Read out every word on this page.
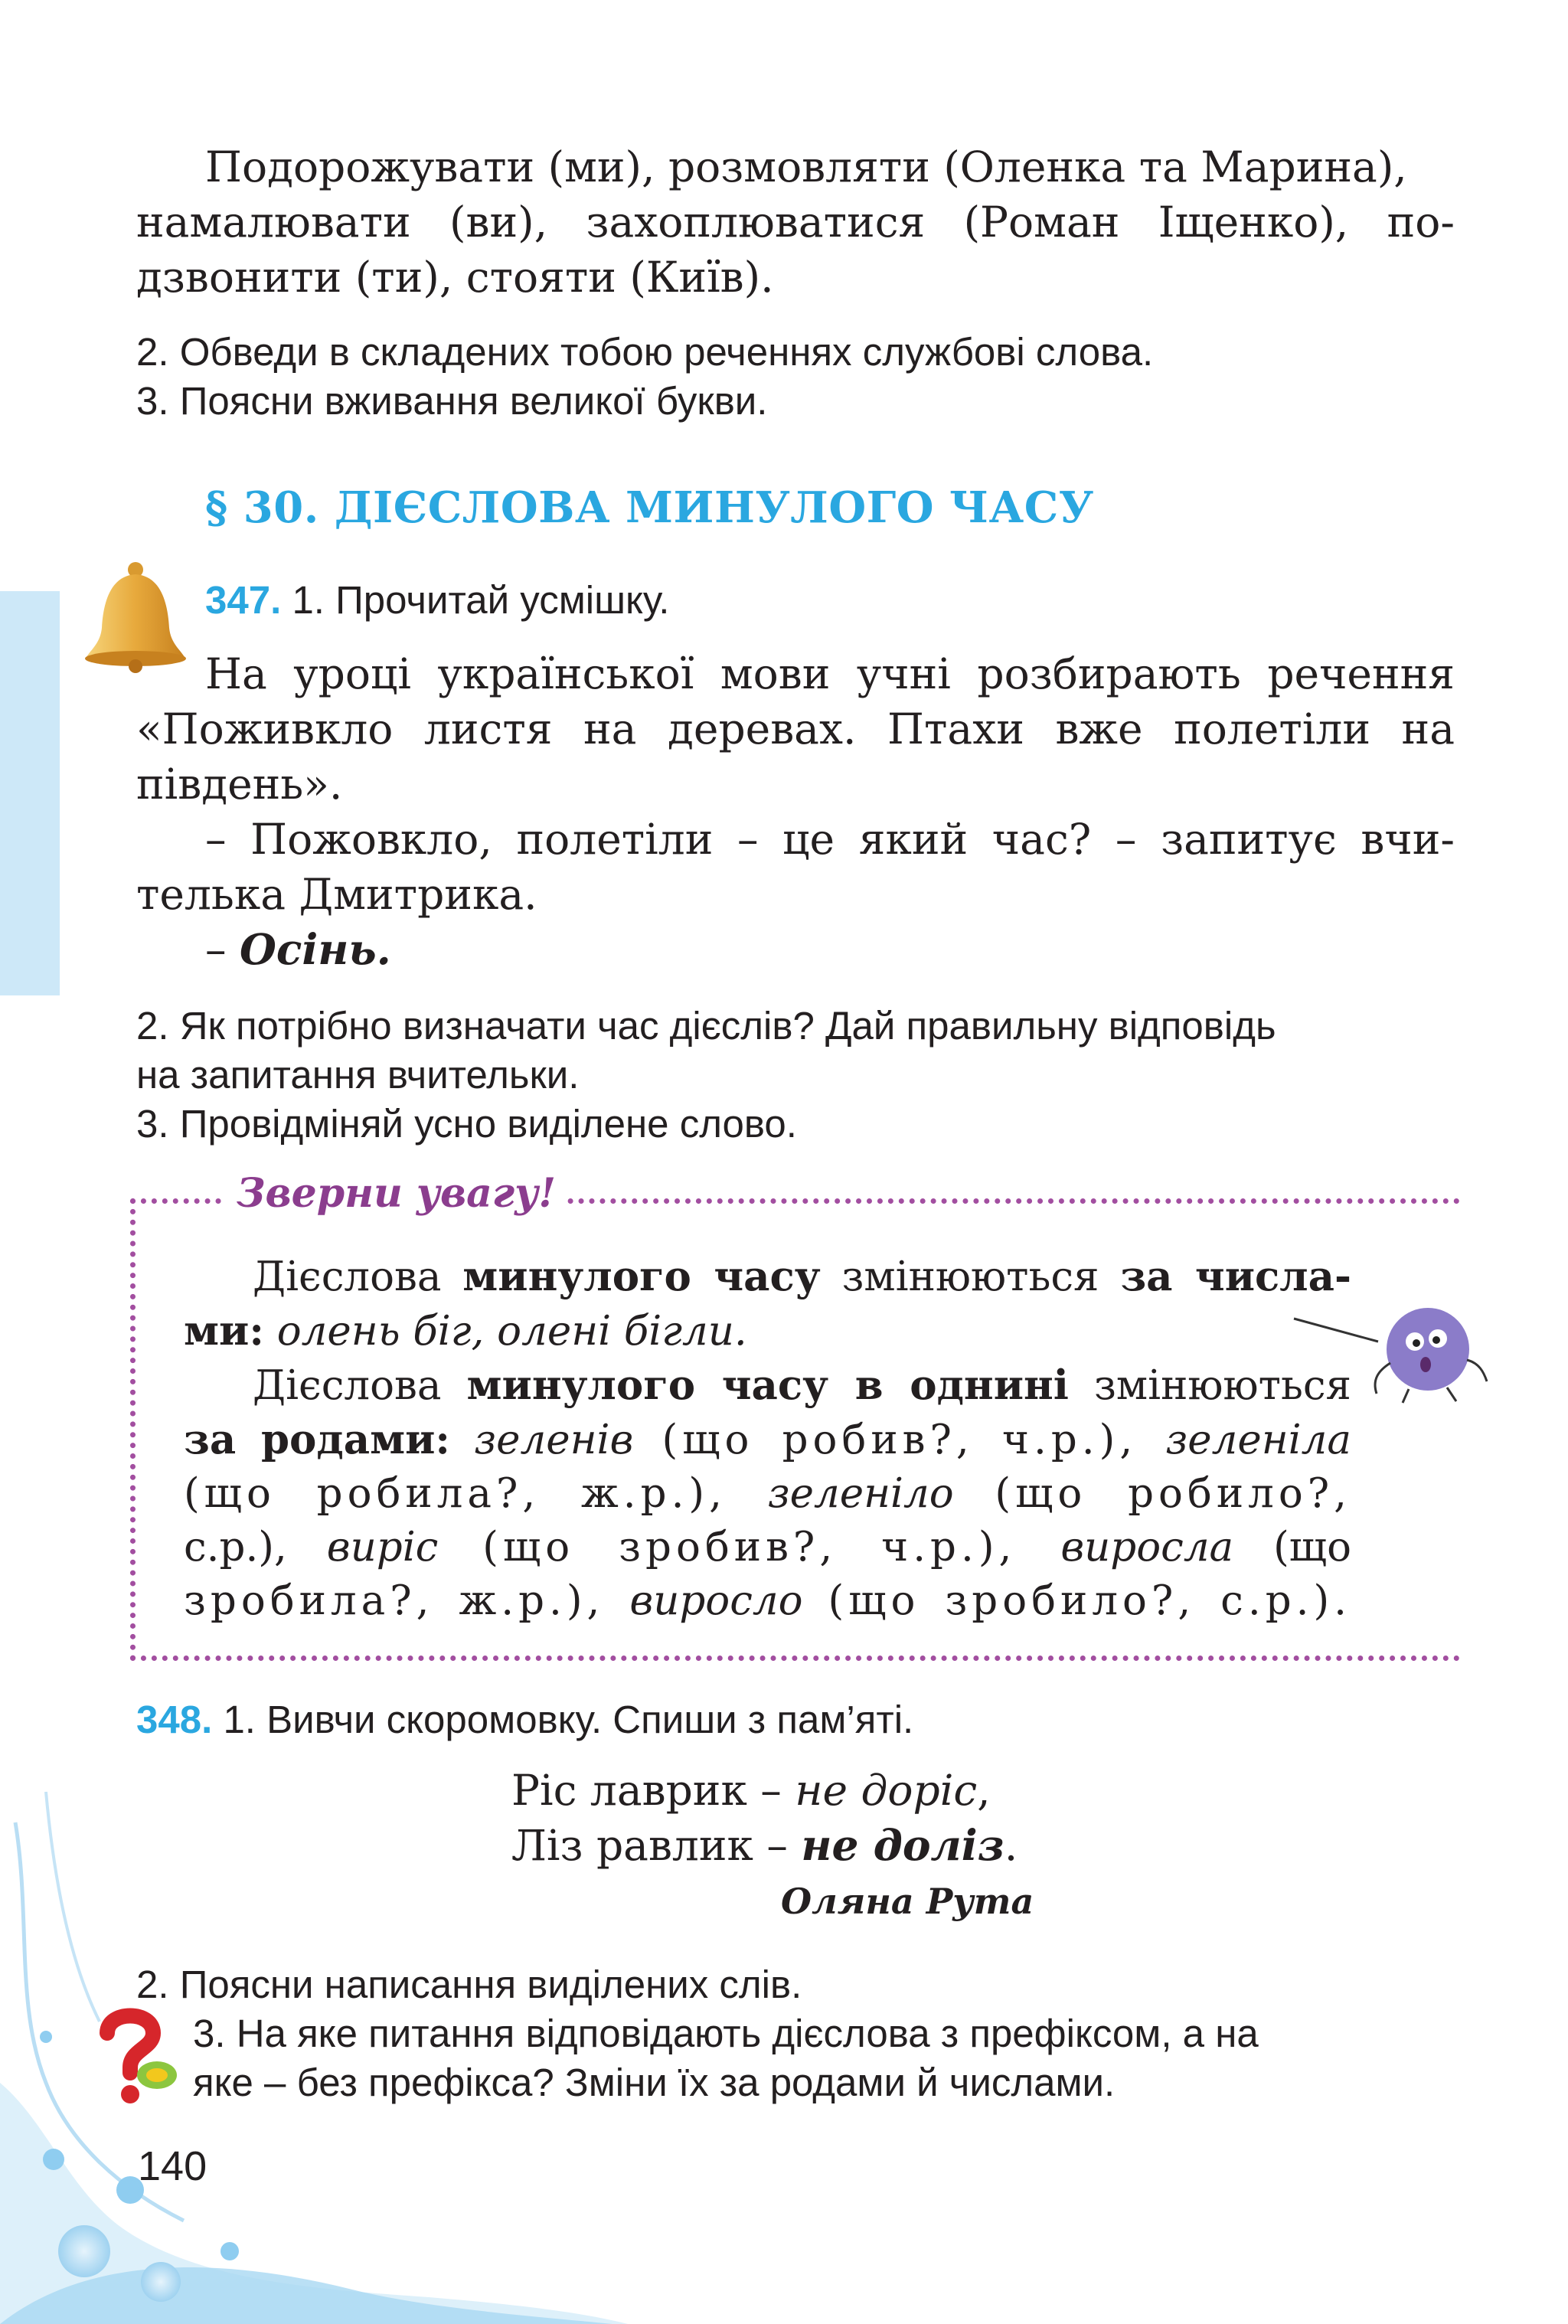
Подорожувати (ми), розмовляти (Оленка та Марина),
намалювати (ви), захоплюватися (Роман Іщенко), по-
дзвонити (ти), стояти (Київ).
2. Обведи в складених тобою реченнях службові слова.
3. Поясни вживання великої букви.
§ 30. ДІЄСЛОВА МИНУЛОГО ЧАСУ
347. 1. Прочитай усмішку.
На уроці української мови учні розбирають речення
«Поживкло листя на деревах. Птахи вже полетіли на
південь».
– Пожовкло, полетіли – це який час? – запитує вчи-
телька Дмитрика.
– Осінь.
2. Як потрібно визначати час дієслів? Дай правильну відповідь
на запитання вчительки.
3. Провідміняй усно виділене слово.
Зверни увагу!
Дієслова минулого часу змінюються за числа-
ми: олень біг, олені бігли.
Дієслова минулого часу в однині змінюються
за родами: зеленів (що робив?, ч.р.), зеленіла
(що робила?, ж.р.), зеленіло (що робило?,
с.р.), виріс (що зробив?, ч.р.), виросла (що
зробила?, ж.р.), виросло (що зробило?, с.р.).
348. 1. Вивчи скоромовку. Спиши з пам’яті.
Ріс лаврик – не доріс,
Ліз равлик – не доліз.
Оляна Рута
2. Поясни написання виділених слів.
3. На яке питання відповідають дієслова з префіксом, а на
яке – без префікса? Зміни їх за родами й числами.
140
